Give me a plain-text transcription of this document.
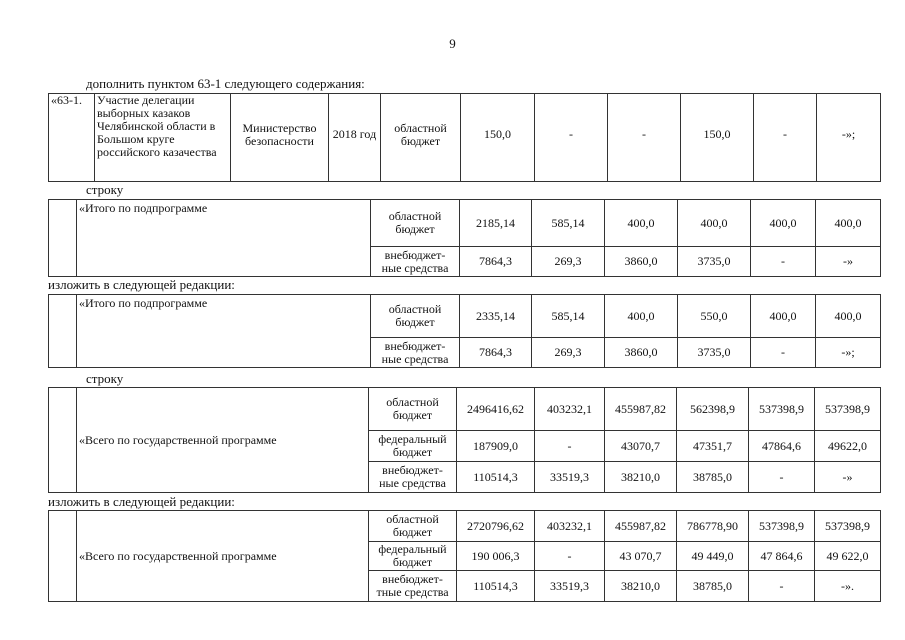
9
дополнить пунктом 63-1 следующего содержания:
«63-1.	Участие делегации выборных казаков Челябинской области в Большом круге российского казачества	Министерство безопасности	2018 год	областной бюджет	150,0	-	-	150,0	-	-»;
строку
	«Итого по подпрограмме	областной
бюджет	2185,14	585,14	400,0	400,0	400,0	400,0

		внебюджет-
ные средства	7864,3	269,3	3860,0	3735,0	-	-»
изложить в следующей редакции:
	«Итого по подпрограмме	областной
бюджет	2335,14	585,14	400,0	550,0	400,0	400,0

		внебюджет-
ные средства	7864,3	269,3	3860,0	3735,0	-	-»;
строку
	«Всего по государственной программе	областной
бюджет	2496416,62	403232,1	455987,82	562398,9	537398,9	537398,9

		федеральный
бюджет	187909,0	-	43070,7	47351,7	47864,6	49622,0

		внебюджет-
ные средства	110514,3	33519,3	38210,0	38785,0	-	-»
изложить в следующей редакции:
	«Всего по государственной программе	областной
бюджет	2720796,62	403232,1	455987,82	786778,90	537398,9	537398,9

		федеральный
бюджет	190 006,3	-	43 070,7	49 449,0	47 864,6	49 622,0

		внебюджет-
тные средства	110514,3	33519,3	38210,0	38785,0	-	-».
